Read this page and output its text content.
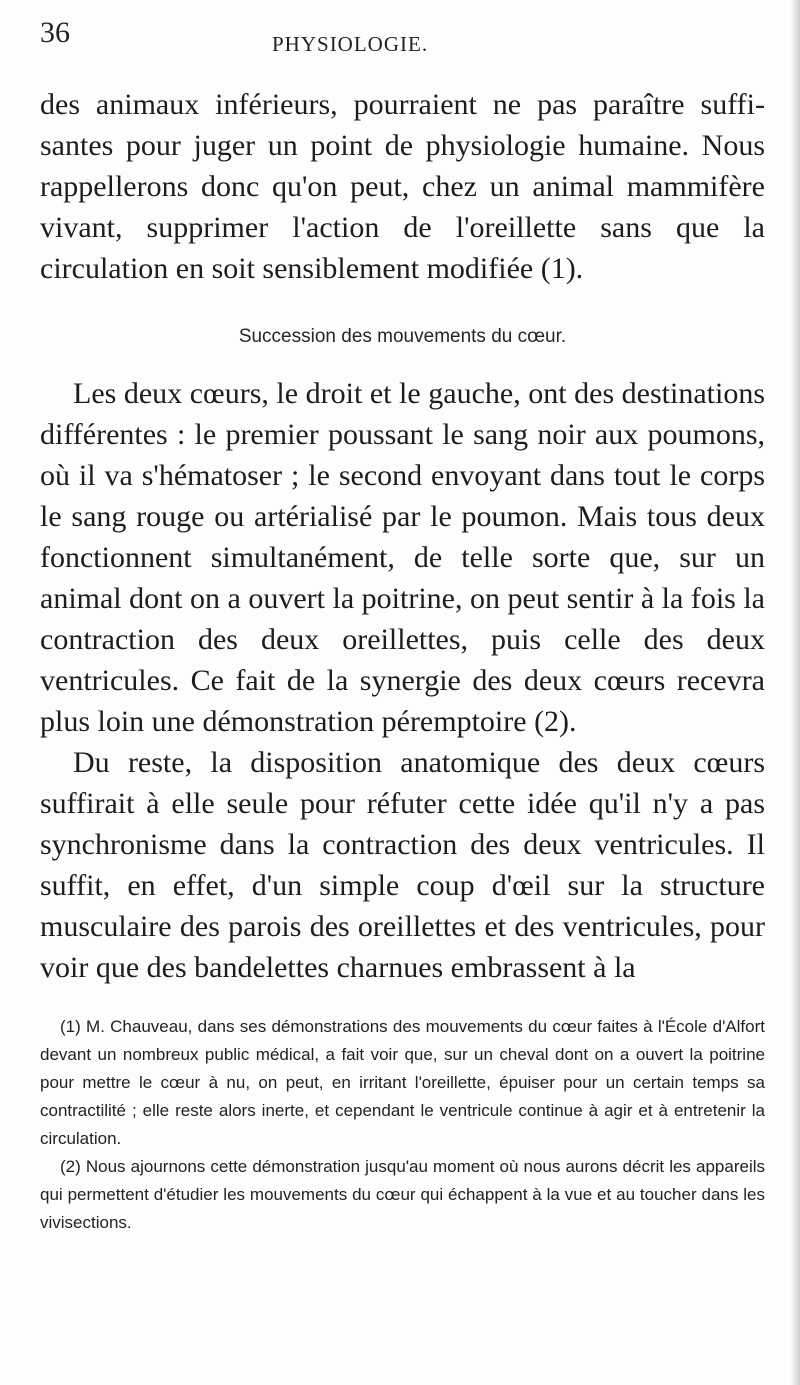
36	PHYSIOLOGIE.

des animaux inférieurs, pourraient ne pas paraître suffisantes pour juger un point de physiologie humaine. Nous rappellerons donc qu'on peut, chez un animal mammifère vivant, supprimer l'action de l'oreillette sans que la circulation en soit sensiblement modifiée (1).

Succession des mouvements du cœur.

Les deux cœurs, le droit et le gauche, ont des destinations différentes : le premier poussant le sang noir aux poumons, où il va s'hématoser ; le second envoyant dans tout le corps le sang rouge ou artérialisé par le poumon. Mais tous deux fonctionnent simultanément, de telle sorte que, sur un animal dont on a ouvert la poitrine, on peut sentir à la fois la contraction des deux oreillettes, puis celle des deux ventricules. Ce fait de la synergie des deux cœurs recevra plus loin une démonstration péremptoire (2).

Du reste, la disposition anatomique des deux cœurs suffirait à elle seule pour réfuter cette idée qu'il n'y a pas synchronisme dans la contraction des deux ventricules. Il suffit, en effet, d'un simple coup d'œil sur la structure musculaire des parois des oreillettes et des ventricules, pour voir que des bandelettes charnues embrassent à la

(1) M. Chauveau, dans ses démonstrations des mouvements du cœur faites à l'École d'Alfort devant un nombreux public médical, a fait voir que, sur un cheval dont on a ouvert la poitrine pour mettre le cœur à nu, on peut, en irritant l'oreillette, épuiser pour un certain temps sa contractilité ; elle reste alors inerte, et cependant le ventricule continue à agir et à entretenir la circulation.

(2) Nous ajournons cette démonstration jusqu'au moment où nous aurons décrit les appareils qui permettent d'étudier les mouvements du cœur qui échappent à la vue et au toucher dans les vivisections.
